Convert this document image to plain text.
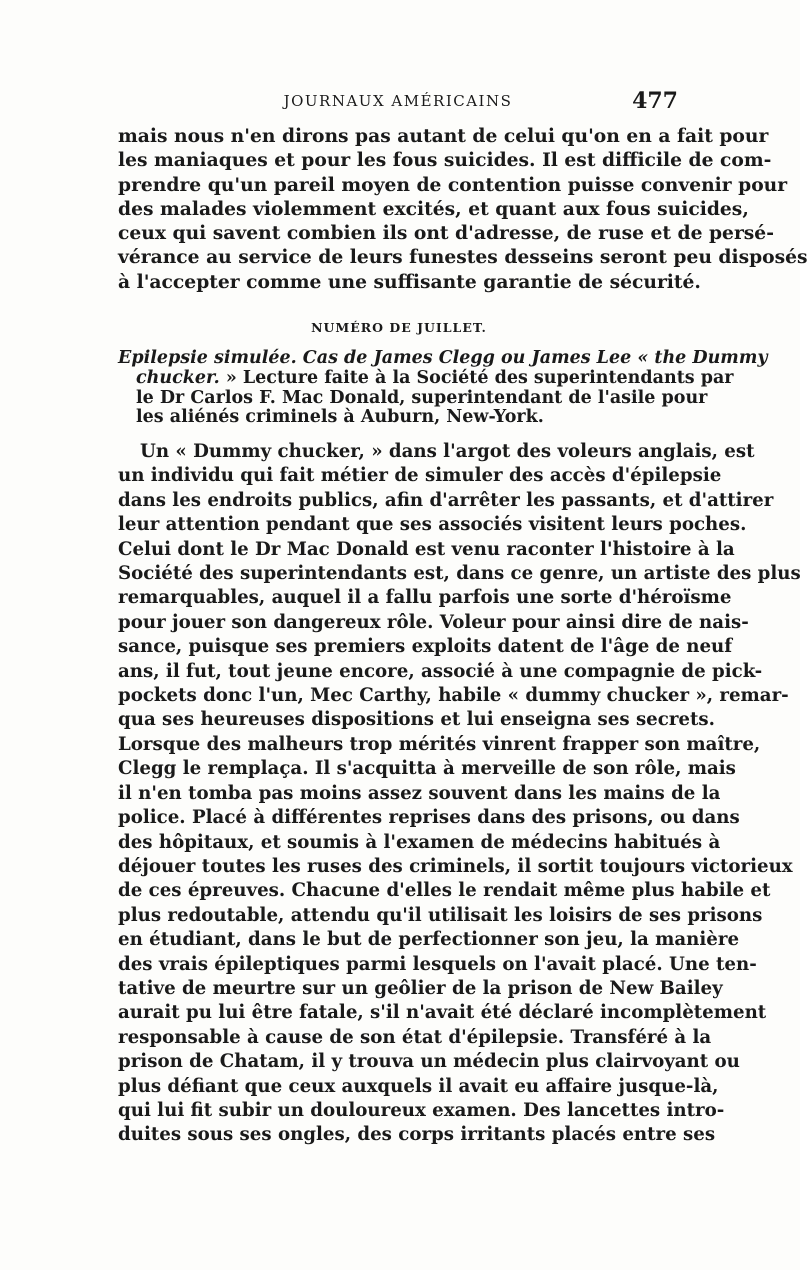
JOURNAUX AMÉRICAINS	477
mais nous n'en dirons pas autant de celui qu'on en a fait pour
les maniaques et pour les fous suicides. Il est difficile de com-
prendre qu'un pareil moyen de contention puisse convenir pour
des malades violemment excités, et quant aux fous suicides,
ceux qui savent combien ils ont d'adresse, de ruse et de persé-
vérance au service de leurs funestes desseins seront peu disposés
à l'accepter comme une suffisante garantie de sécurité.
NUMÉRO DE JUILLET.
Epilepsie simulée. Cas de James Clegg ou James Lee « the Dummy
chucker. » Lecture faite à la Société des superintendants par
le Dr Carlos F. Mac Donald, superintendant de l'asile pour
les aliénés criminels à Auburn, New-York.
Un « Dummy chucker, » dans l'argot des voleurs anglais, est
un individu qui fait métier de simuler des accès d'épilepsie
dans les endroits publics, afin d'arrêter les passants, et d'attirer
leur attention pendant que ses associés visitent leurs poches.
Celui dont le Dr Mac Donald est venu raconter l'histoire à la
Société des superintendants est, dans ce genre, un artiste des plus
remarquables, auquel il a fallu parfois une sorte d'héroïsme
pour jouer son dangereux rôle. Voleur pour ainsi dire de nais-
sance, puisque ses premiers exploits datent de l'âge de neuf
ans, il fut, tout jeune encore, associé à une compagnie de pick-
pockets donc l'un, Mec Carthy, habile « dummy chucker », remar-
qua ses heureuses dispositions et lui enseigna ses secrets.
Lorsque des malheurs trop mérités vinrent frapper son maître,
Clegg le remplaça. Il s'acquitta à merveille de son rôle, mais
il n'en tomba pas moins assez souvent dans les mains de la
police. Placé à différentes reprises dans des prisons, ou dans
des hôpitaux, et soumis à l'examen de médecins habitués à
déjouer toutes les ruses des criminels, il sortit toujours victorieux
de ces épreuves. Chacune d'elles le rendait même plus habile et
plus redoutable, attendu qu'il utilisait les loisirs de ses prisons
en étudiant, dans le but de perfectionner son jeu, la manière
des vrais épileptiques parmi lesquels on l'avait placé. Une ten-
tative de meurtre sur un geôlier de la prison de New Bailey
aurait pu lui être fatale, s'il n'avait été déclaré incomplètement
responsable à cause de son état d'épilepsie. Transféré à la
prison de Chatam, il y trouva un médecin plus clairvoyant ou
plus défiant que ceux auxquels il avait eu affaire jusque-là,
qui lui fit subir un douloureux examen. Des lancettes intro-
duites sous ses ongles, des corps irritants placés entre ses
